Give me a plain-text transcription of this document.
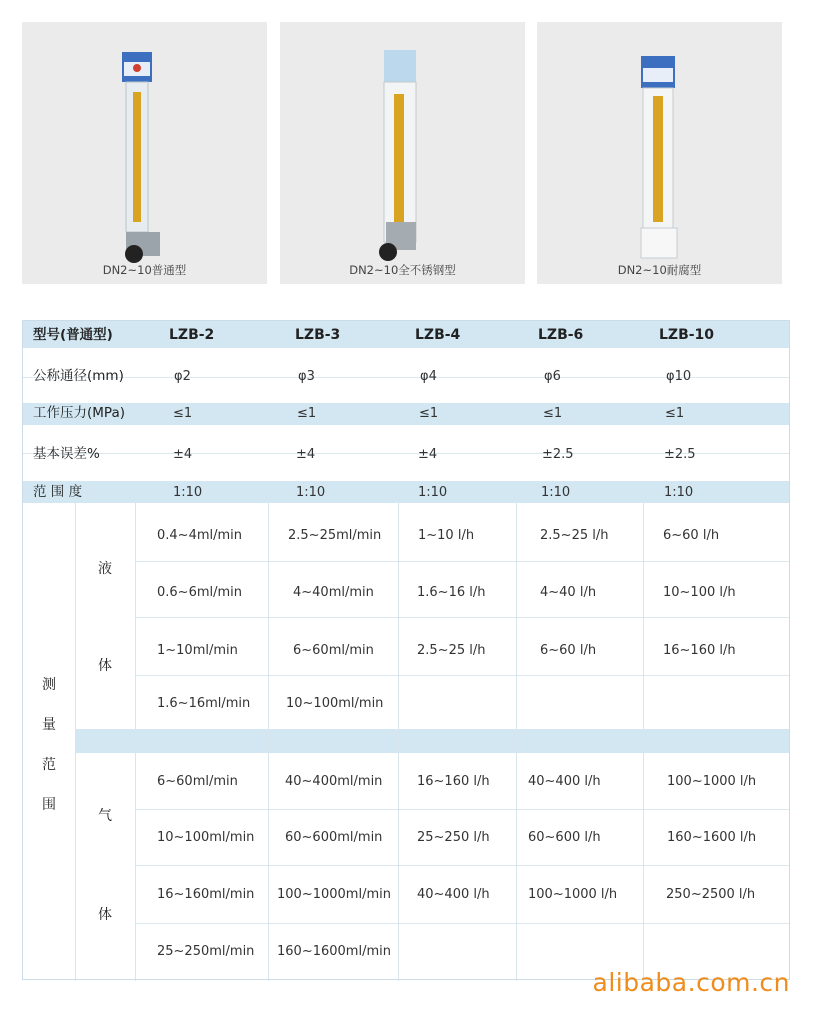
DN2~10普通型	DN2~10全不锈钢型	DN2~10耐腐型
型号(普通型)	LZB-2	LZB-3	LZB-4	LZB-6	LZB-10
公称通径(mm)	φ2	φ3	φ4	φ6	φ10
工作压力(MPa)	≤1	≤1	≤1	≤1	≤1
基本误差%	±4	±4	±4	±2.5	±2.5
范 围 度	1:10	1:10	1:10	1:10	1:10
测
量
范
围
液
体
气
体
0.4~4ml/min	2.5~25ml/min	1~10 l/h	2.5~25 l/h	6~60 l/h
0.6~6ml/min	4~40ml/min	1.6~16 l/h	4~40 l/h	10~100 l/h
1~10ml/min	6~60ml/min	2.5~25 l/h	6~60 l/h	16~160 l/h
1.6~16ml/min	10~100ml/min
6~60ml/min	40~400ml/min	16~160 l/h	40~400 l/h	100~1000 l/h
10~100ml/min 60~600ml/min	25~250 l/h	60~600 l/h	160~1600 l/h
16~160ml/min 100~1000ml/min 40~400 l/h	100~1000 l/h	250~2500 l/h
25~250ml/min 160~1600ml/min
alibaba.com.cn
